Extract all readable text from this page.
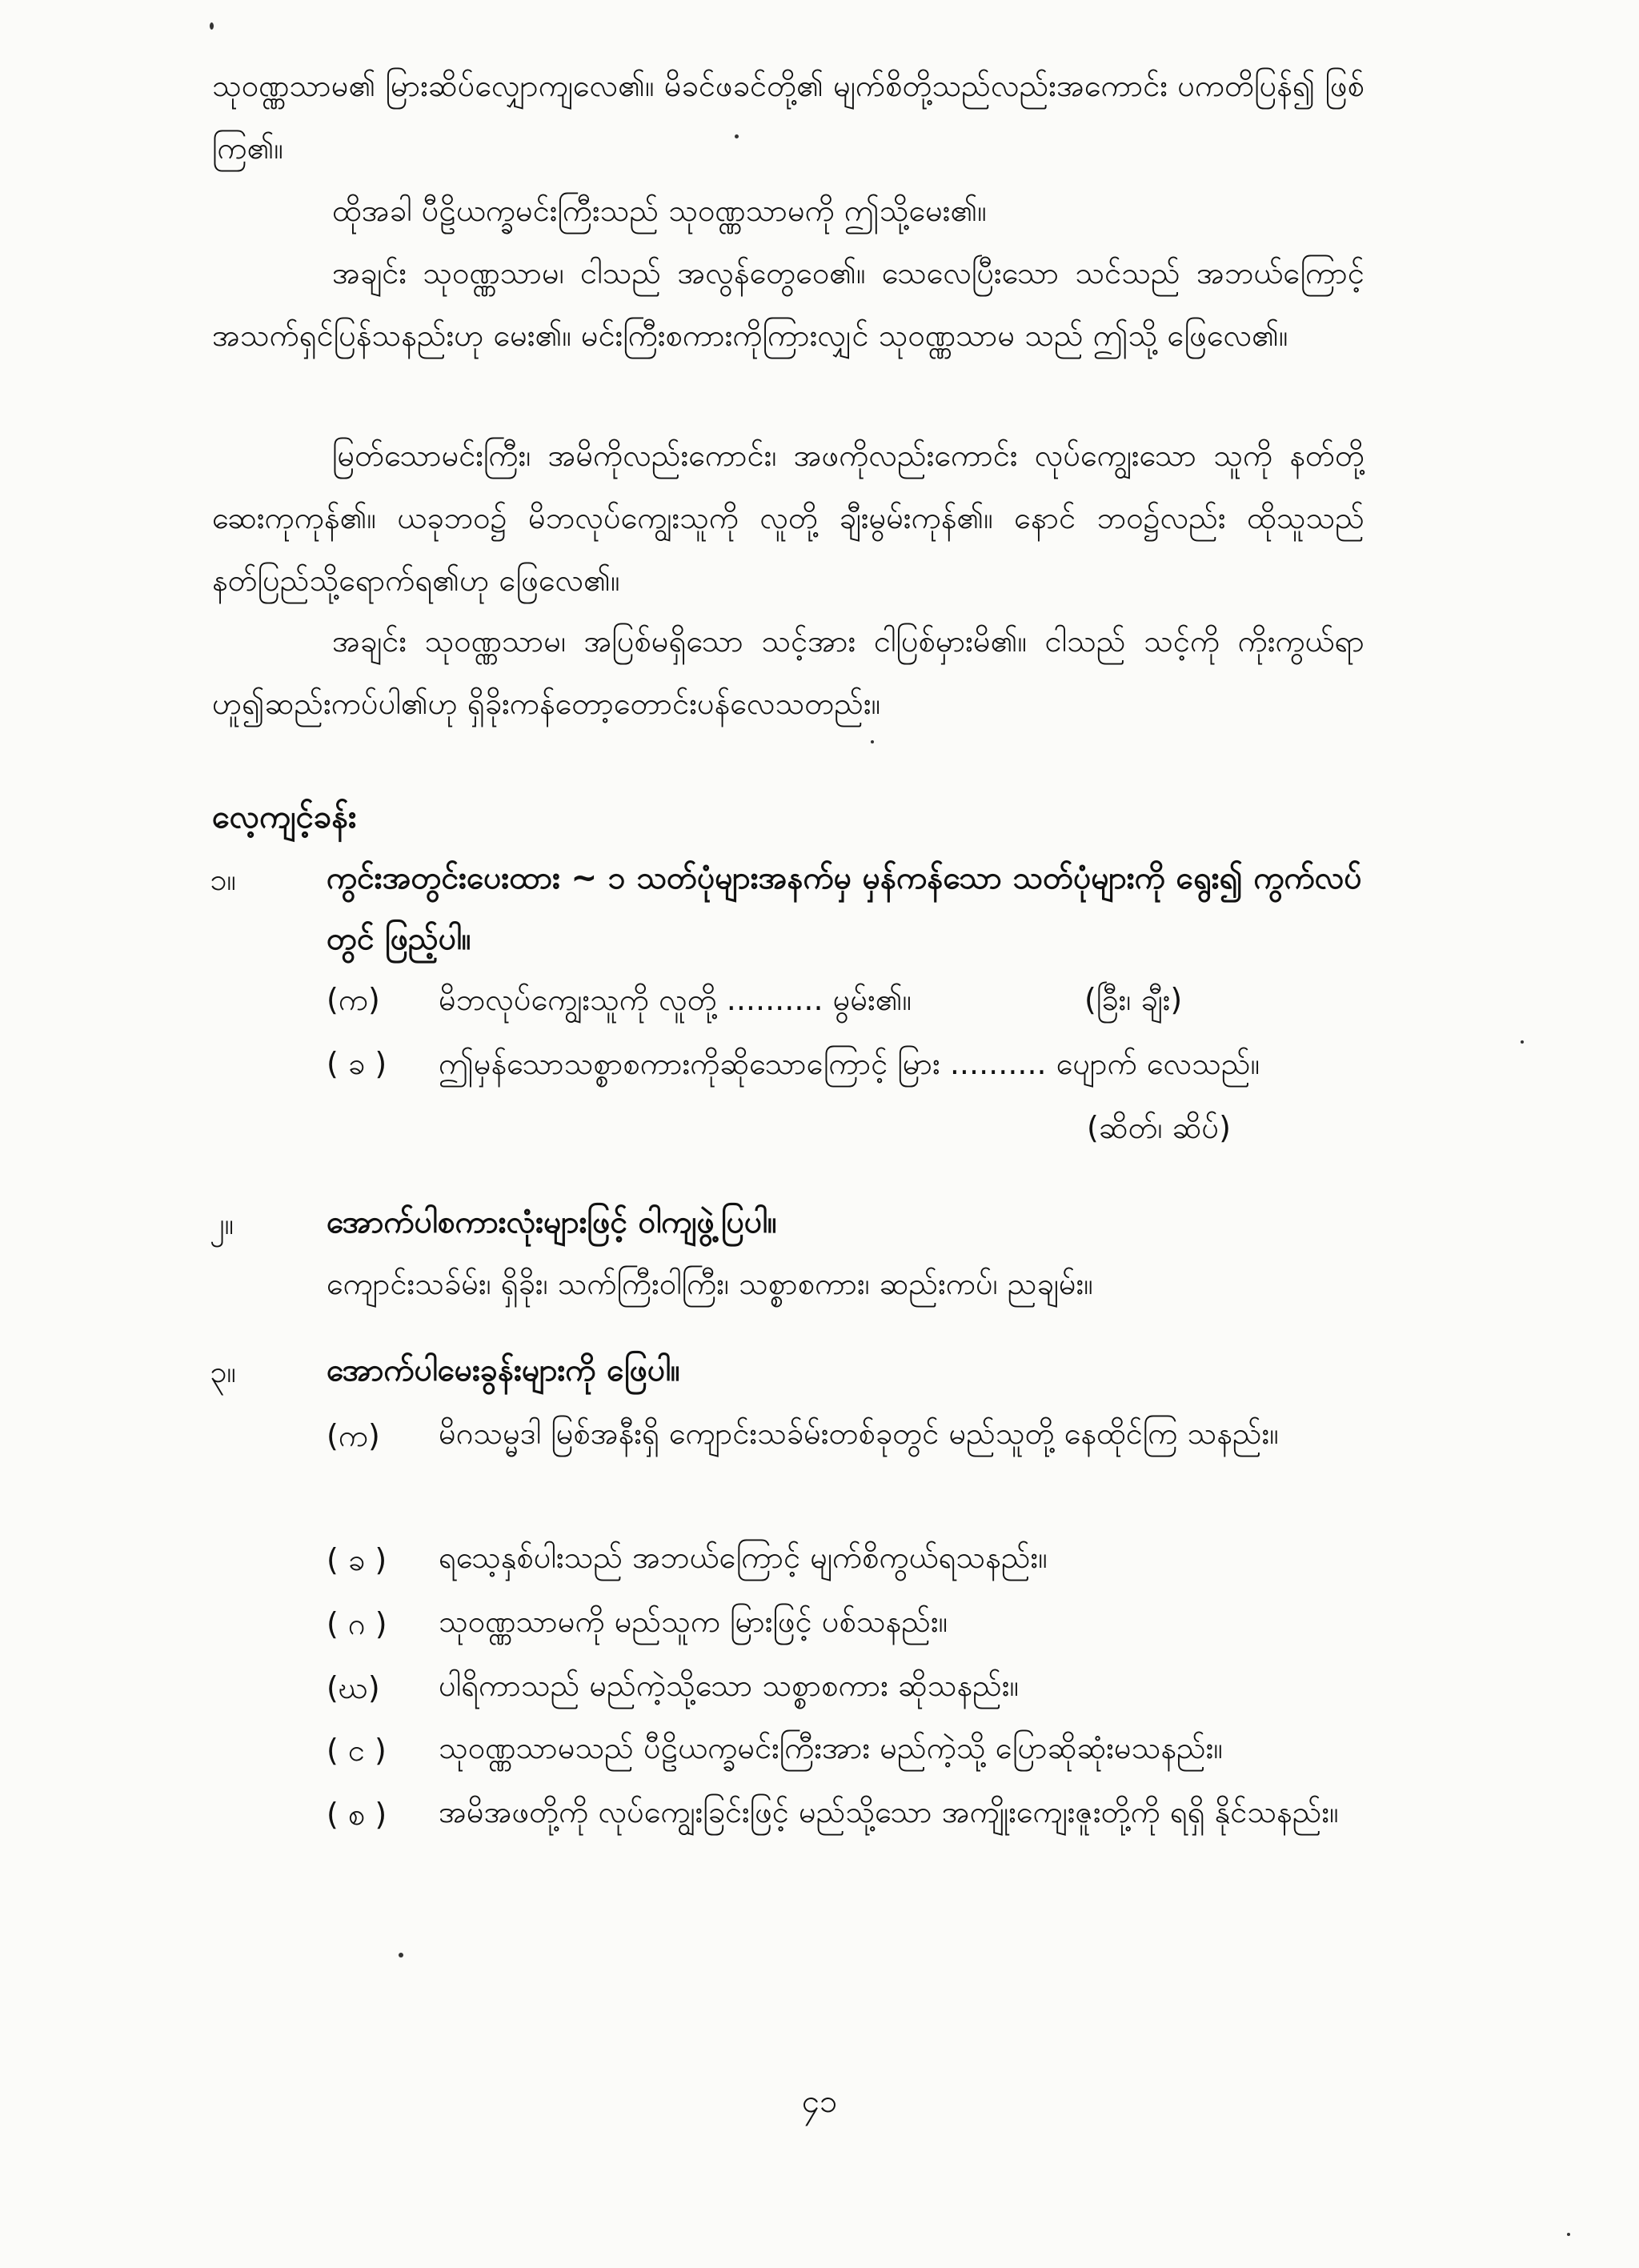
သုဝဏ္ဏသာမ၏ မြားဆိပ်လျှောကျလေ၏။ မိခင်ဖခင်တို့၏ မျက်စိတို့သည်လည်းအကောင်း ပကတိပြန်၍ ဖြစ်ကြ၏။
ထိုအခါ ပီဠိယက္ခမင်းကြီးသည် သုဝဏ္ဏသာမကို ဤသို့မေး၏။
အချင်း သုဝဏ္ဏသာမ၊ ငါသည် အလွန်တွေဝေ၏။ သေလေပြီးသော သင်သည် အဘယ်ကြောင့် အသက်ရှင်ပြန်သနည်းဟု မေး၏။ မင်းကြီးစကားကိုကြားလျှင် သုဝဏ္ဏသာမ သည် ဤသို့ ဖြေလေ၏။
မြတ်သောမင်းကြီး၊ အမိကိုလည်းကောင်း၊ အဖကိုလည်းကောင်း လုပ်ကျွေးသော သူကို နတ်တို့ဆေးကုကုန်၏။ ယခုဘဝ၌ မိဘလုပ်ကျွေးသူကို လူတို့ ချီးမွမ်းကုန်၏။ နောင် ဘဝ၌လည်း ထိုသူသည် နတ်ပြည်သို့ရောက်ရ၏ဟု ဖြေလေ၏။
အချင်း သုဝဏ္ဏသာမ၊ အပြစ်မရှိသော သင့်အား ငါပြစ်မှားမိ၏။ ငါသည် သင့်ကို ကိုးကွယ်ရာဟူ၍ဆည်းကပ်ပါ၏ဟု ရှိခိုးကန်တော့တောင်းပန်လေသတည်း။
လေ့ကျင့်ခန်း
၁။	ကွင်းအတွင်းပေးထား ~ ၁ သတ်ပုံများအနက်မှ မှန်ကန်သော သတ်ပုံများကို ရွေး၍ ကွက်လပ်တွင် ဖြည့်ပါ။
(က) မိဘလုပ်ကျွေးသူကို လူတို့ .......... မွမ်း၏။	(ခြီး၊ ချီး)
( ခ ) ဤမှန်သောသစ္စာစကားကိုဆိုသောကြောင့် မြား .......... ပျောက် လေသည်။
(ဆိတ်၊ ဆိပ်)
၂။	အောက်ပါစကားလုံးများဖြင့် ဝါကျဖွဲ့ပြပါ။
ကျောင်းသခ်မ်း၊ ရှိခိုး၊ သက်ကြီးဝါကြီး၊ သစ္စာစကား၊ ဆည်းကပ်၊ ညချမ်း။
၃။	အောက်ပါမေးခွန်းများကို ဖြေပါ။
(က) မိဂသမ္မဒါ မြစ်အနီးရှိ ကျောင်းသခ်မ်းတစ်ခုတွင် မည်သူတို့ နေထိုင်ကြ သနည်း။
( ခ ) ရသေ့နှစ်ပါးသည် အဘယ်ကြောင့် မျက်စိကွယ်ရသနည်း။
( ဂ ) သုဝဏ္ဏသာမကို မည်သူက မြားဖြင့် ပစ်သနည်း။
(ဃ) ပါရိကာသည် မည်ကဲ့သို့သော သစ္စာစကား ဆိုသနည်း။
( င ) သုဝဏ္ဏသာမသည် ပီဠိယက္ခမင်းကြီးအား မည်ကဲ့သို့ ပြောဆိုဆုံးမသနည်း။
( စ ) အမိအဖတို့ကို လုပ်ကျွေးခြင်းဖြင့် မည်သို့သော အကျိုးကျေးဇူးတို့ကို ရရှိ နိုင်သနည်း။
၄၁
